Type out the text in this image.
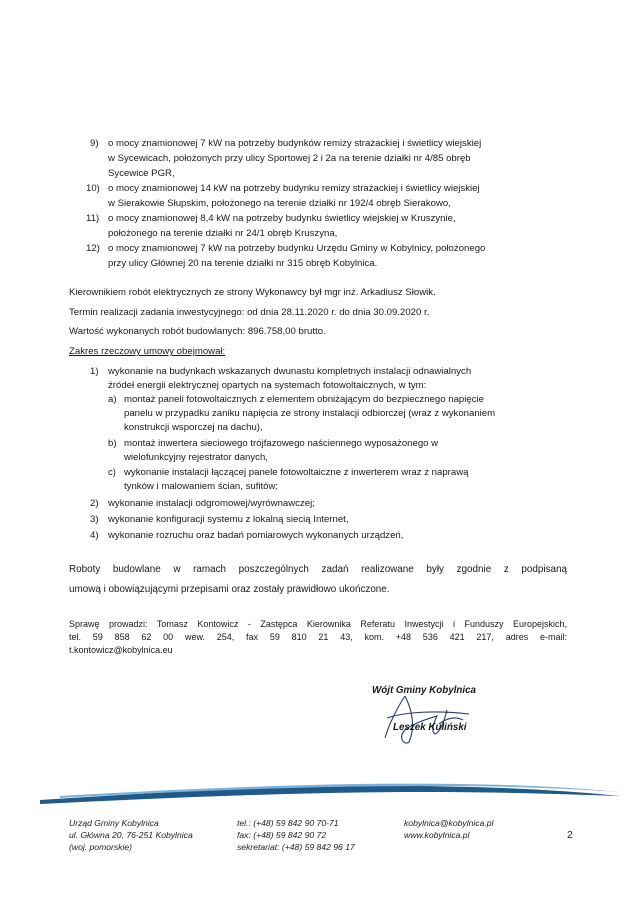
9) o mocy znamionowej 7 kW na potrzeby budynków remizy strażackiej i świetlicy wiejskiej
w Sycewicach, położonych przy ulicy Sportowej 2 i 2a na terenie działki nr 4/85 obręb
Sycewice PGR,
10) o mocy znamionowej 14 kW na potrzeby budynku remizy strażackiej i świetlicy wiejskiej
w Sierakowie Słupskim, położonego na terenie działki nr 192/4 obręb Sierakowo,
11) o mocy znamionowej 8,4 kW na potrzeby budynku świetlicy wiejskiej w Kruszynie,
położonego na terenie działki nr 24/1 obręb Kruszyna,
12) o mocy znamionowej 7 kW na potrzeby budynku Urzędu Gminy w Kobylnicy, położonego
przy ulicy Głównej 20 na terenie działki nr 315 obręb Kobylnica.
Kierownikiem robót elektrycznych ze strony Wykonawcy był mgr inż. Arkadiusz Słowik.
Termin realizacji zadania inwestycyjnego: od dnia 28.11.2020 r. do dnia 30.09.2020 r.
Wartość wykonanych robót budowlanych: 896.758,00 brutto.
Zakres rzeczowy umowy obejmował:
1) wykonanie na budynkach wskazanych dwunastu kompletnych instalacji odnawialnych
źródeł energii elektrycznej opartych na systemach fotowoltaicznych, w tym:
a) montaż paneli fotowoltaicznych z elementem obniżającym do bezpiecznego napięcie
panelu w przypadku zaniku napięcia ze strony instalacji odbiorczej (wraz z wykonaniem
konstrukcji wsporczej na dachu),
b) montaż inwertera sieciowego trójfazowego naściennego wyposażonego w
wielofunkcyjny rejestrator danych,
c) wykonanie instalacji łączącej panele fotowoltaiczne z inwerterem wraz z naprawą
tynków i malowaniem ścian, sufitów;
2) wykonanie instalacji odgromowej/wyrównawczej;
3) wykonanie konfiguracji systemu z lokalną siecią Internet,
4) wykonanie rozruchu oraz badań pomiarowych wykonanych urządzeń,
Roboty budowlane w ramach poszczególnych zadań realizowane były zgodnie z podpisaną
umową i obowiązującymi przepisami oraz zostały prawidłowo ukończone.
Sprawę prowadzi: Tomasz Kontowicz - Zastępca Kierownika Referatu Inwestycji i Funduszy Europejskich,
tel. 59 858 62 00 wew. 254, fax 59 810 21 43, kom. +48 536 421 217, adres e-mail:
t.kontowicz@kobylnica.eu
Wójt Gminy Kobylnica
Leszek Kuliński
Urząd Gminy Kobylnica
ul. Główna 20, 76-251 Kobylnica
(woj. pomorskie)
tel.: (+48) 59 842 90 70-71
fax: (+48) 59 842 90 72
sekretariat: (+48) 59 842 96 17
kobylnica@kobylnica.pl
www.kobylnica.pl	2
